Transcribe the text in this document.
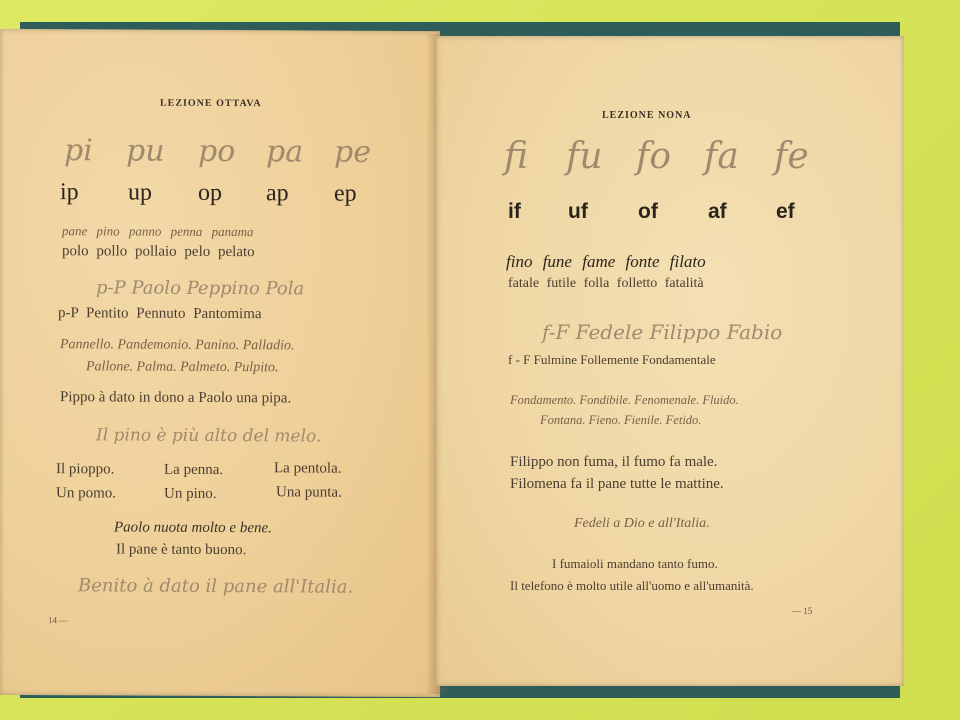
LEZIONE OTTAVA
pi pu po pa pe
ip up op ap ep
pane pino panno penna panama
polo pollo pollaio pelo pelato
p-P Paolo Peppino Pola
p-P Pentito Pennuto Pantomima
Pannello. Pandemonio. Panino. Palladio.
Pallone. Palma. Palmeto. Pulpito.
Pippo à dato in dono a Paolo una pipa.
Il pino è più alto del melo.
Il pioppo.	La penna.	La pentola.
Un pomo.	Un pino.	Una punta.
Paolo nuota molto e bene.
Il pane è tanto buono.
Benito à dato il pane all'Italia.
14 —
LEZIONE NONA
fi fu fo fa fe
if uf of af ef
fino fune fame fonte filato
fatale futile folla folletto fatalità
f-F Fedele Filippo Fabio
f - F Fulmine Follemente Fondamentale
Fondamento. Fondibile. Fenomenale. Fluido.
Fontana. Fieno. Fienile. Fetido.
Filippo non fuma, il fumo fa male.
Filomena fa il pane tutte le mattine.
Fedeli a Dio e all'Italia.
I fumaioli mandano tanto fumo.
Il telefono è molto utile all'uomo e all'umanità.
— 15
